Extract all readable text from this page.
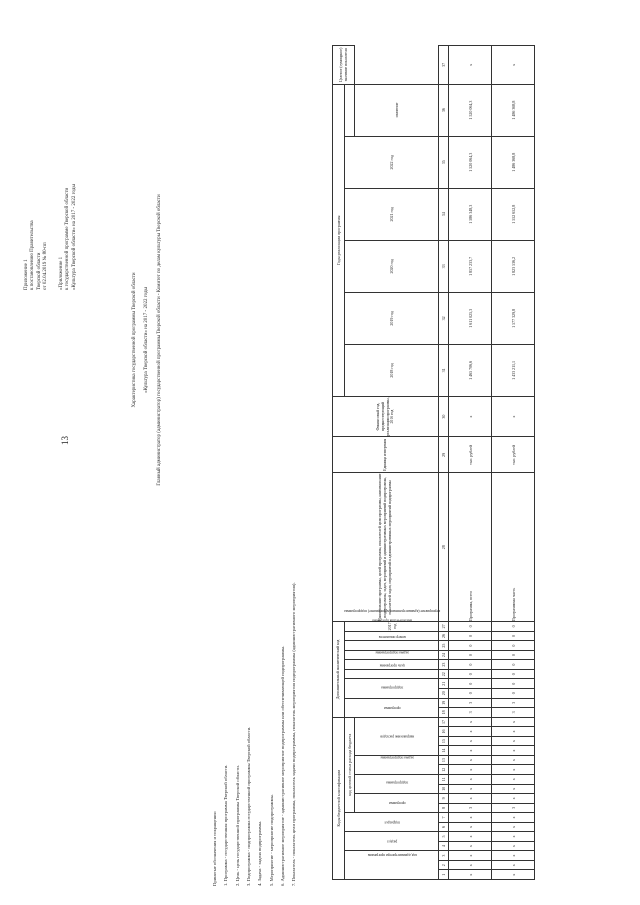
13
Приложение 1 к постановлению Правительства Тверской области от 02.04.2019 № 80-пп «Приложение 1 к государственной программе Тверской области «Культура Тверской области» на 2017 - 2022 годы
Характеристика государственной программы Тверской области «Культура Тверской области» на 2017 - 2022 годы Главный администратор (администратор) государственной программы Тверской области - Комитет по делам культуры Тверской области
Принятые обозначения и сокращения: 1. Программа - государственная программа Тверской области. 2. Цель - цель государственной программы Тверской области. 3. Подпрограмма - подпрограмма государственной программы Тверской области. 4. Задача - задача подпрограммы. 5. Мероприятие - мероприятие подпрограммы. 6. Административное мероприятие - административное мероприятие подпрограммы или обеспечивающей подпрограммы. 7. Показатель - показатель цели программы, показатель задачи подпрограммы, показатель мероприятия подпрограммы (административного мероприятия).	Коды бюджетной классификации																	Дополнительный аналитический код										Наименование программы, целей программы, показателей цели программы, наименование подпрограммы, задач, мероприятий и административных мероприятий подпрограммы, показателей задач, мероприятий и административных мероприятий подпрограммы	Единица измерения	Финансовый год, предшествующий реализации программы, 2016 год	Годы реализации программы						Целевое (суммарное) значение показателя
код администратора программы			раздел		подраздел		код целевой статьи расхода бюджета										программа		подпрограмма		цель программы	задача подпрограммы	мероприятие (административное мероприятие) подпрограммы	номер показателя	аналитическая программа	2017 год				2018 год	2019 год	2020 год	2021 год	2022 год		
							программа		подпрограмма		задача подпрограммы		направление расходов																						значение	

1	2	3	4	5	6	7	8	9	10	11	12	13	14	15	16	17	18	19	20	21	22	23	24	25	26	27	28	29	30	31	32	33	34	35	36	37
х	х	х	х	х	х	х	3	х	х	х	х	х	х	х	х	х	3	3	0	0	0	0	0	0	0	0	Программа, всего	тыс. рублей	х	1 465 706,6	1 611 025,3	1 857 233,7	1 586 348,3	1 520 064,3	1 520 064,3	х
х	х	х	х	х	х	х	3	х	х	х	х	х	х	х	х	х	3	3	0	0	0	0	0	0	0	0	Программная часть	тыс. рублей	х	1 433 211,1	1 577 329,8	1 823 536,2	1 552 652,8	1 486 368,8	1 486 368,8	х
